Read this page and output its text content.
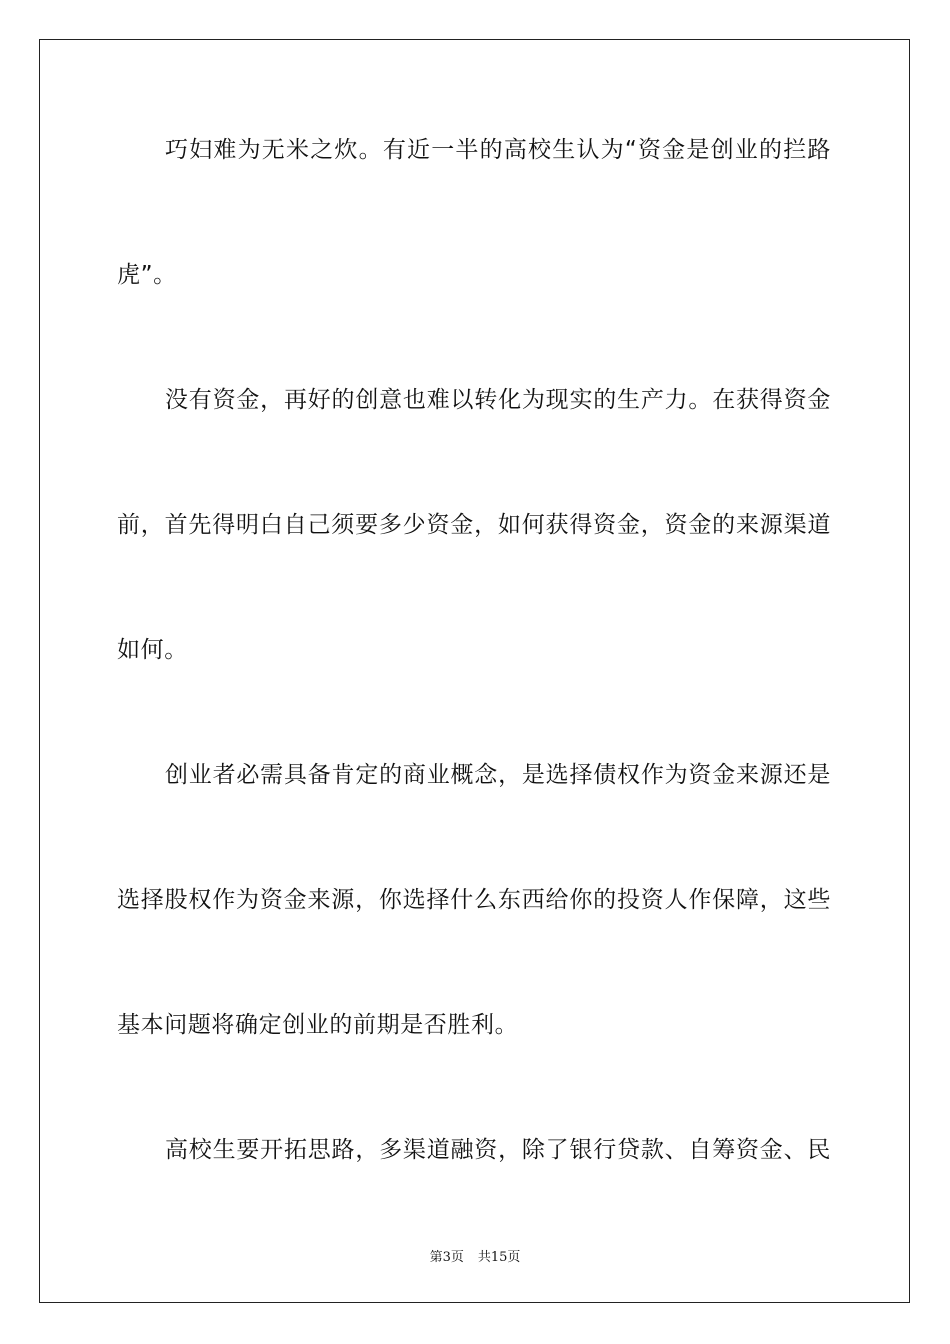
巧妇难为无米之炊。有近一半的高校生认为“资金是创业的拦路
虎”。
没有资金，再好的创意也难以转化为现实的生产力。在获得资金
前，首先得明白自己须要多少资金，如何获得资金，资金的来源渠道
如何。
创业者必需具备肯定的商业概念，是选择债权作为资金来源还是
选择股权作为资金来源，你选择什么东西给你的投资人作保障，这些
基本问题将确定创业的前期是否胜利。
高校生要开拓思路，多渠道融资，除了银行贷款、自筹资金、民
第3页 共15页
